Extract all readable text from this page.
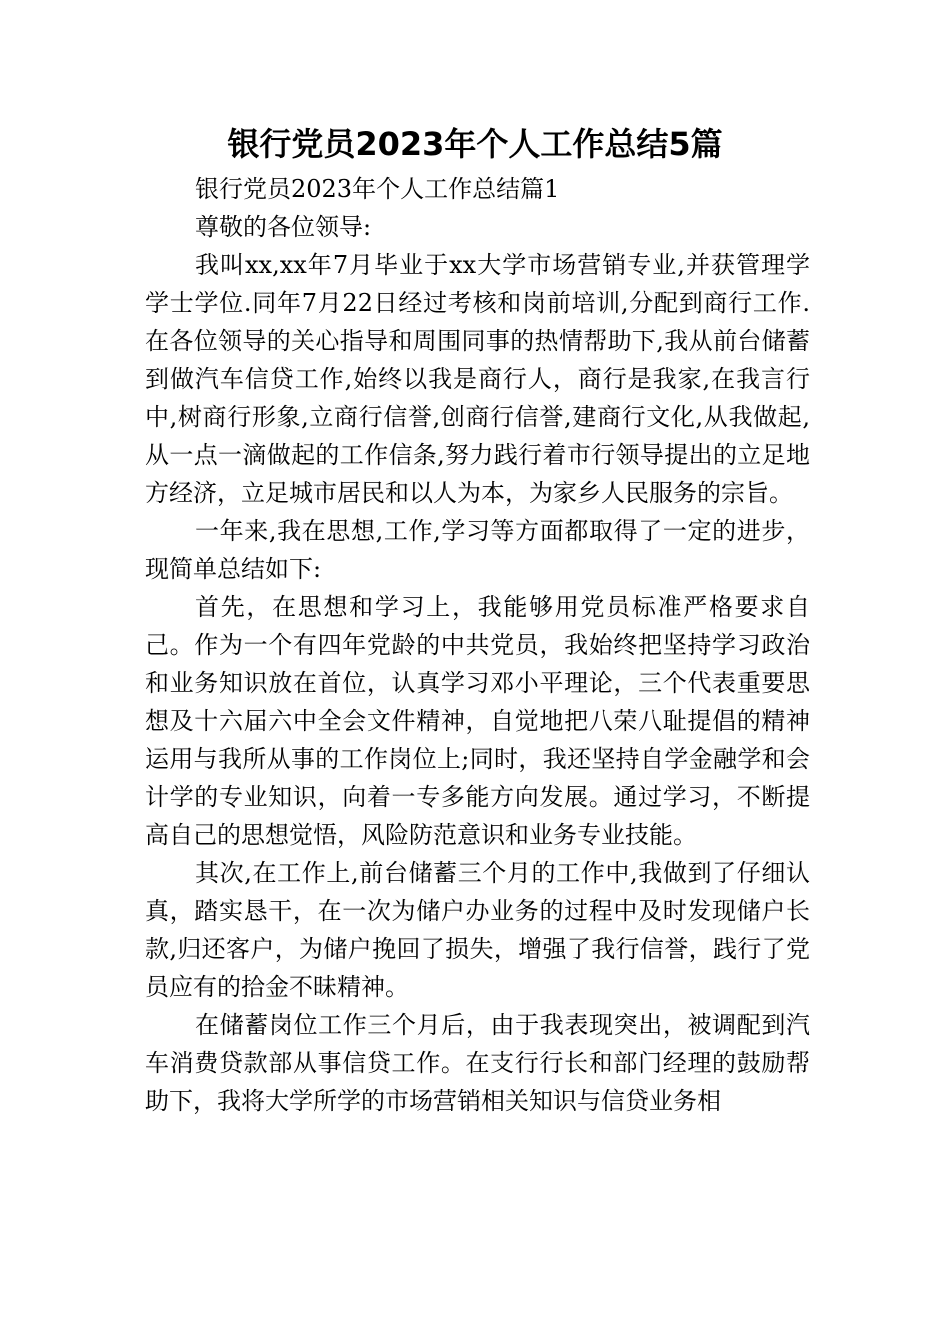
银行党员2023年个人工作总结5篇

银行党员2023年个人工作总结篇1

尊敬的各位领导:

我叫xx,xx年7月毕业于xx大学市场营销专业,并获管理学学士学位.同年7月22日经过考核和岗前培训,分配到商行工作.在各位领导的关心指导和周围同事的热情帮助下,我从前台储蓄到做汽车信贷工作,始终以我是商行人，商行是我家,在我言行中,树商行形象,立商行信誉,创商行信誉,建商行文化,从我做起,从一点一滴做起的工作信条,努力践行着市行领导提出的立足地方经济，立足城市居民和以人为本，为家乡人民服务的宗旨。

一年来,我在思想,工作,学习等方面都取得了一定的进步，现简单总结如下:

首先，在思想和学习上，我能够用党员标准严格要求自己。作为一个有四年党龄的中共党员，我始终把坚持学习政治和业务知识放在首位，认真学习邓小平理论，三个代表重要思想及十六届六中全会文件精神，自觉地把八荣八耻提倡的精神运用与我所从事的工作岗位上;同时，我还坚持自学金融学和会计学的专业知识，向着一专多能方向发展。通过学习，不断提高自己的思想觉悟，风险防范意识和业务专业技能。

其次,在工作上,前台储蓄三个月的工作中,我做到了仔细认真，踏实恳干，在一次为储户办业务的过程中及时发现储户长款,归还客户，为储户挽回了损失，增强了我行信誉，践行了党员应有的拾金不昧精神。

在储蓄岗位工作三个月后，由于我表现突出，被调配到汽车消费贷款部从事信贷工作。在支行行长和部门经理的鼓励帮助下，我将大学所学的市场营销相关知识与信贷业务相
